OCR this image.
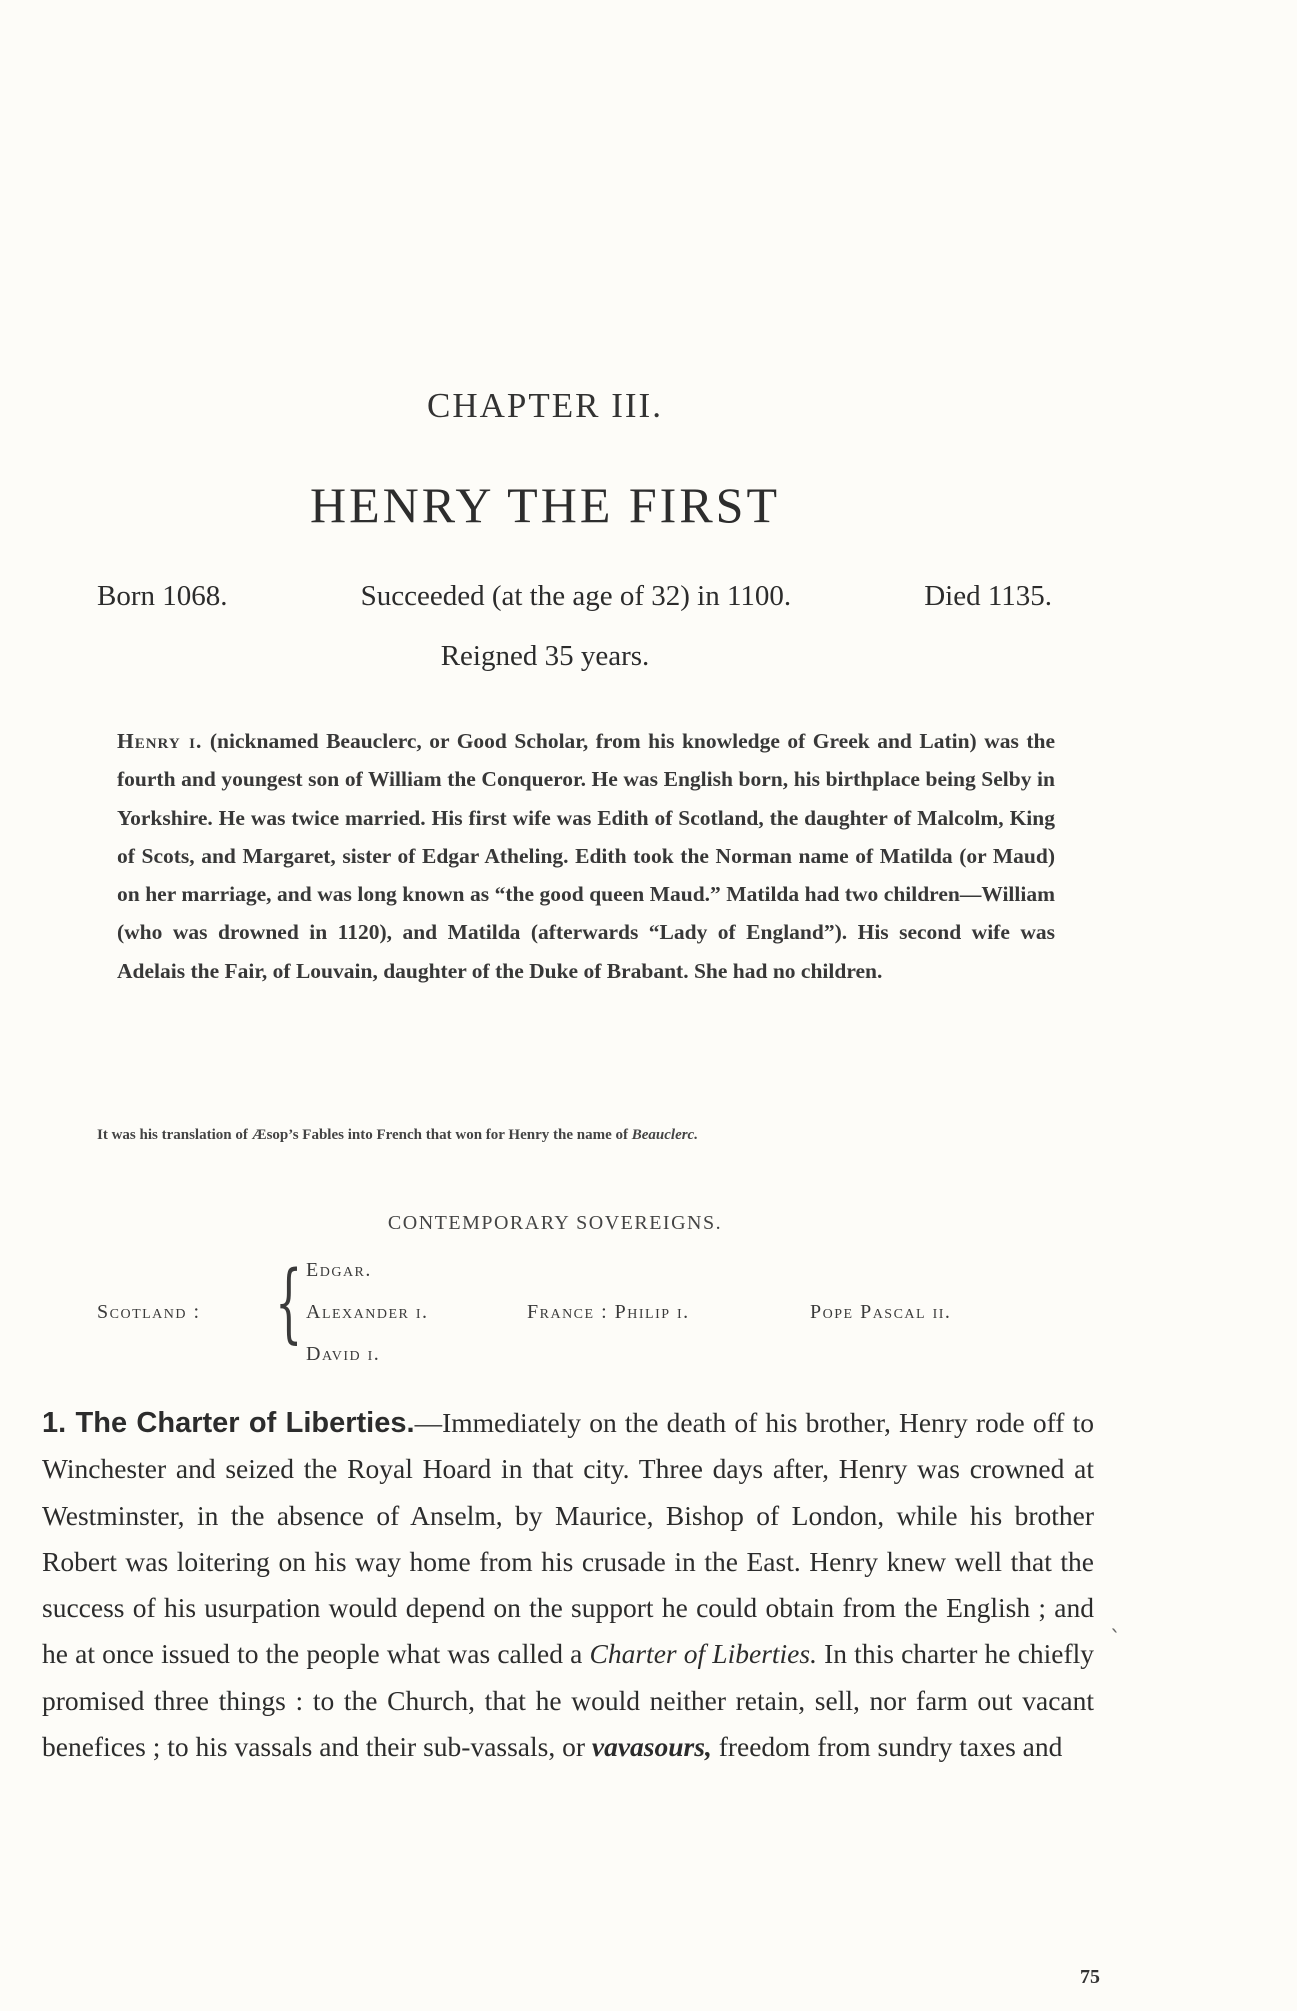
CHAPTER III.
HENRY THE FIRST
Born 1068.	Succeeded (at the age of 32) in 1100.	Died 1135.
Reigned 35 years.
Henry i. (nicknamed Beauclerc, or Good Scholar, from his knowledge of Greek and Latin) was the fourth and youngest son of William the Conqueror. He was English born, his birthplace being Selby in Yorkshire. He was twice married. His first wife was Edith of Scotland, the daughter of Malcolm, King of Scots, and Margaret, sister of Edgar Atheling. Edith took the Norman name of Matilda (or Maud) on her marriage, and was long known as “the good queen Maud.” Matilda had two children—William (who was drowned in 1120), and Matilda (afterwards “Lady of England”). His second wife was Adelais the Fair, of Louvain, daughter of the Duke of Brabant. She had no children.
It was his translation of Æsop’s Fables into French that won for Henry the name of Beauclerc.
CONTEMPORARY SOVEREIGNS.
Scotland : { Edgar.
Alexander i.
David i.
France : Philip i.	Pope Pascal ii.
1. The Charter of Liberties.—Immediately on the death of his brother, Henry rode off to Winchester and seized the Royal Hoard in that city. Three days after, Henry was crowned at Westminster, in the absence of Anselm, by Maurice, Bishop of London, while his brother Robert was loitering on his way home from his crusade in the East. Henry knew well that the success of his usurpation would depend on the support he could obtain from the English ; and he at once issued to the people what was called a Charter of Liberties. In this charter he chiefly promised three things : to the Church, that he would neither retain, sell, nor farm out vacant benefices ; to his vassals and their sub-vassals, or vavasours, freedom from sundry taxes and
ˎ
75
